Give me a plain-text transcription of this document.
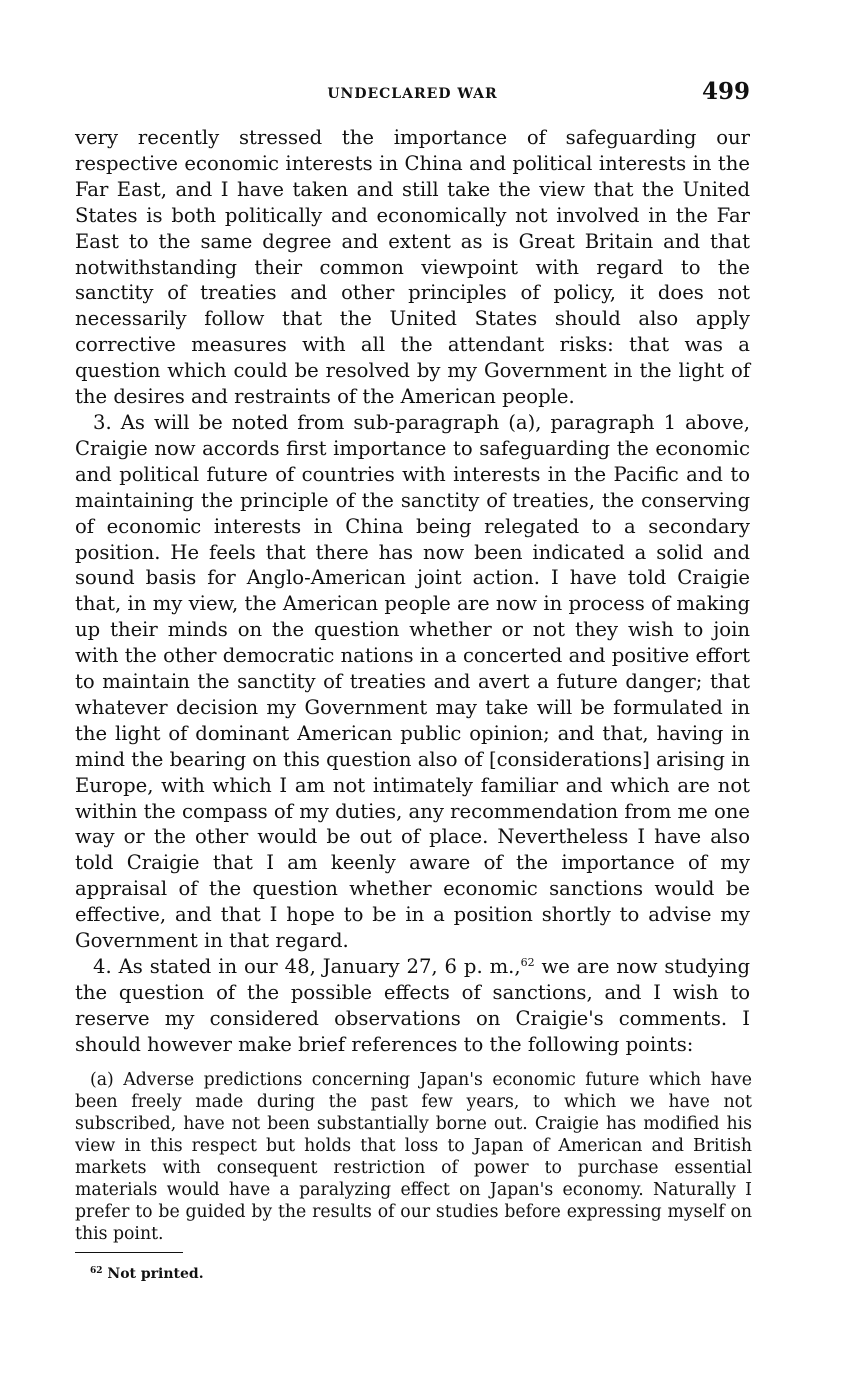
UNDECLARED WAR	499

very recently stressed the importance of safeguarding our respective economic interests in China and political interests in the Far East, and I have taken and still take the view that the United States is both politically and economically not involved in the Far East to the same degree and extent as is Great Britain and that notwithstanding their common viewpoint with regard to the sanctity of treaties and other principles of policy, it does not necessarily follow that the United States should also apply corrective measures with all the attendant risks: that was a question which could be resolved by my Government in the light of the desires and restraints of the American people.

3. As will be noted from sub-paragraph (a), paragraph 1 above, Craigie now accords first importance to safeguarding the economic and political future of countries with interests in the Pacific and to maintaining the principle of the sanctity of treaties, the conserving of economic interests in China being relegated to a secondary position. He feels that there has now been indicated a solid and sound basis for Anglo-American joint action. I have told Craigie that, in my view, the American people are now in process of making up their minds on the question whether or not they wish to join with the other democratic nations in a concerted and positive effort to maintain the sanctity of treaties and avert a future danger; that whatever decision my Government may take will be formulated in the light of dominant American public opinion; and that, having in mind the bearing on this question also of [considerations] arising in Europe, with which I am not intimately familiar and which are not within the compass of my duties, any recommendation from me one way or the other would be out of place. Nevertheless I have also told Craigie that I am keenly aware of the importance of my appraisal of the question whether economic sanctions would be effective, and that I hope to be in a position shortly to advise my Government in that regard.

4. As stated in our 48, January 27, 6 p. m.,$^{62}$ we are now studying the question of the possible effects of sanctions, and I wish to reserve my considered observations on Craigie's comments. I should however make brief references to the following points:

(a) Adverse predictions concerning Japan's economic future which have been freely made during the past few years, to which we have not subscribed, have not been substantially borne out. Craigie has modified his view in this respect but holds that loss to Japan of American and British markets with consequent restriction of power to purchase essential materials would have a paralyzing effect on Japan's economy. Naturally I prefer to be guided by the results of our studies before expressing myself on this point.

$^{62}$ Not printed.
